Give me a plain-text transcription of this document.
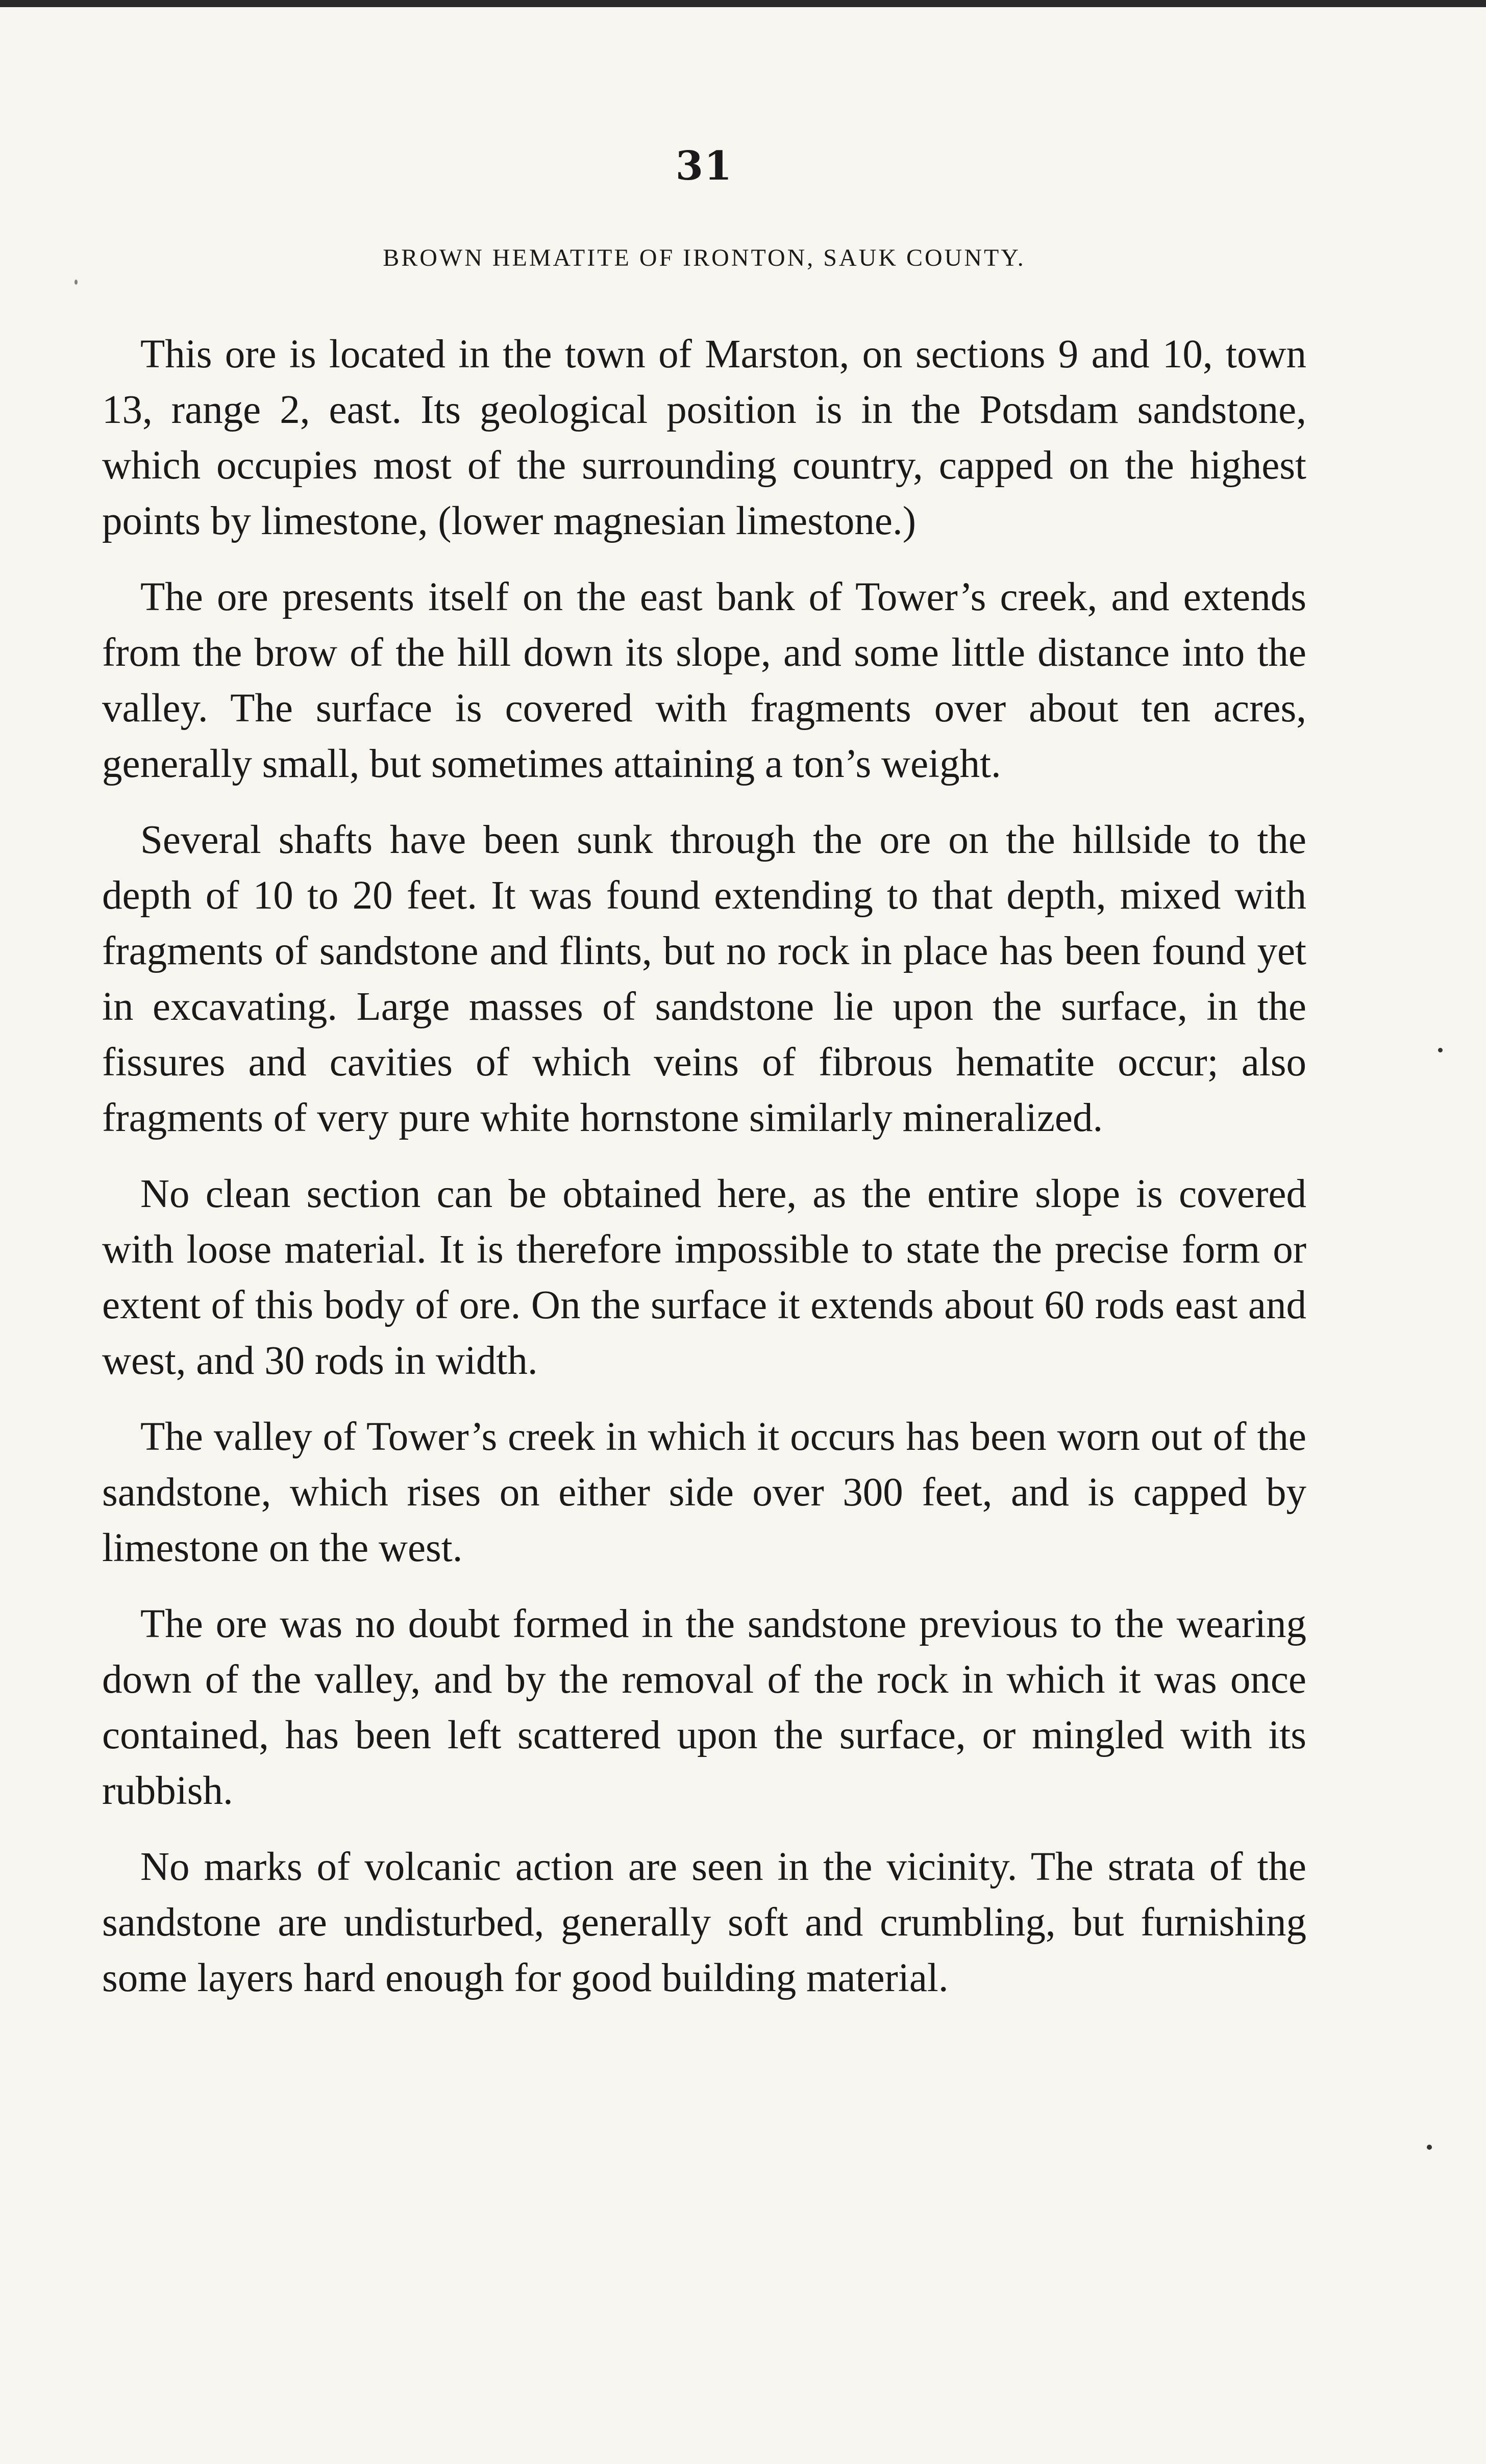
31
BROWN HEMATITE OF IRONTON, SAUK COUNTY.

This ore is located in the town of Marston, on sections 9 and 10, town 13, range 2, east. Its geological position is in the Potsdam sandstone, which occupies most of the surrounding country, capped on the highest points by limestone, (lower magnesian limestone.)

The ore presents itself on the east bank of Tower’s creek, and extends from the brow of the hill down its slope, and some little distance into the valley. The surface is covered with fragments over about ten acres, generally small, but sometimes attaining a ton’s weight.

Several shafts have been sunk through the ore on the hillside to the depth of 10 to 20 feet. It was found extending to that depth, mixed with fragments of sandstone and flints, but no rock in place has been found yet in excavating. Large masses of sandstone lie upon the surface, in the fissures and cavities of which veins of fibrous hematite occur; also fragments of very pure white hornstone similarly mineralized.

No clean section can be obtained here, as the entire slope is covered with loose material. It is therefore impossible to state the precise form or extent of this body of ore. On the surface it extends about 60 rods east and west, and 30 rods in width.

The valley of Tower’s creek in which it occurs has been worn out of the sandstone, which rises on either side over 300 feet, and is capped by limestone on the west.

The ore was no doubt formed in the sandstone previous to the wearing down of the valley, and by the removal of the rock in which it was once contained, has been left scattered upon the surface, or mingled with its rubbish.

No marks of volcanic action are seen in the vicinity. The strata of the sandstone are undisturbed, generally soft and crumbling, but furnishing some layers hard enough for good building material.
